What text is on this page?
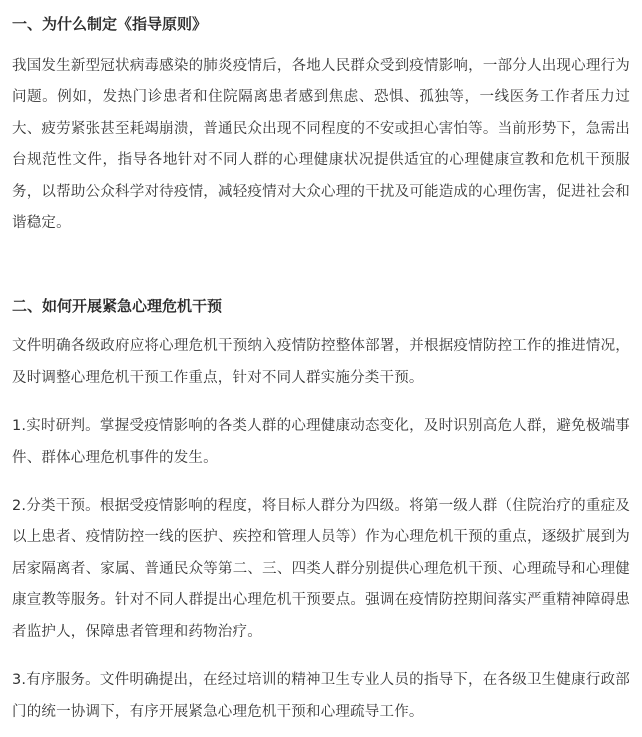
一、为什么制定《指导原则》

我国发生新型冠状病毒感染的肺炎疫情后，各地人民群众受到疫情影响，一部分人出现心理行为问题。例如，发热门诊患者和住院隔离患者感到焦虑、恐惧、孤独等，一线医务工作者压力过大、疲劳紧张甚至耗竭崩溃，普通民众出现不同程度的不安或担心害怕等。当前形势下，急需出台规范性文件，指导各地针对不同人群的心理健康状况提供适宜的心理健康宣教和危机干预服务，以帮助公众科学对待疫情，减轻疫情对大众心理的干扰及可能造成的心理伤害，促进社会和谐稳定。

二、如何开展紧急心理危机干预

文件明确各级政府应将心理危机干预纳入疫情防控整体部署，并根据疫情防控工作的推进情况，及时调整心理危机干预工作重点，针对不同人群实施分类干预。

1.实时研判。掌握受疫情影响的各类人群的心理健康动态变化，及时识别高危人群，避免极端事件、群体心理危机事件的发生。

2.分类干预。根据受疫情影响的程度，将目标人群分为四级。将第一级人群（住院治疗的重症及以上患者、疫情防控一线的医护、疾控和管理人员等）作为心理危机干预的重点，逐级扩展到为居家隔离者、家属、普通民众等第二、三、四类人群分别提供心理危机干预、心理疏导和心理健康宣教等服务。针对不同人群提出心理危机干预要点。强调在疫情防控期间落实严重精神障碍患者监护人，保障患者管理和药物治疗。

3.有序服务。文件明确提出，在经过培训的精神卫生专业人员的指导下，在各级卫生健康行政部门的统一协调下，有序开展紧急心理危机干预和心理疏导工作。
